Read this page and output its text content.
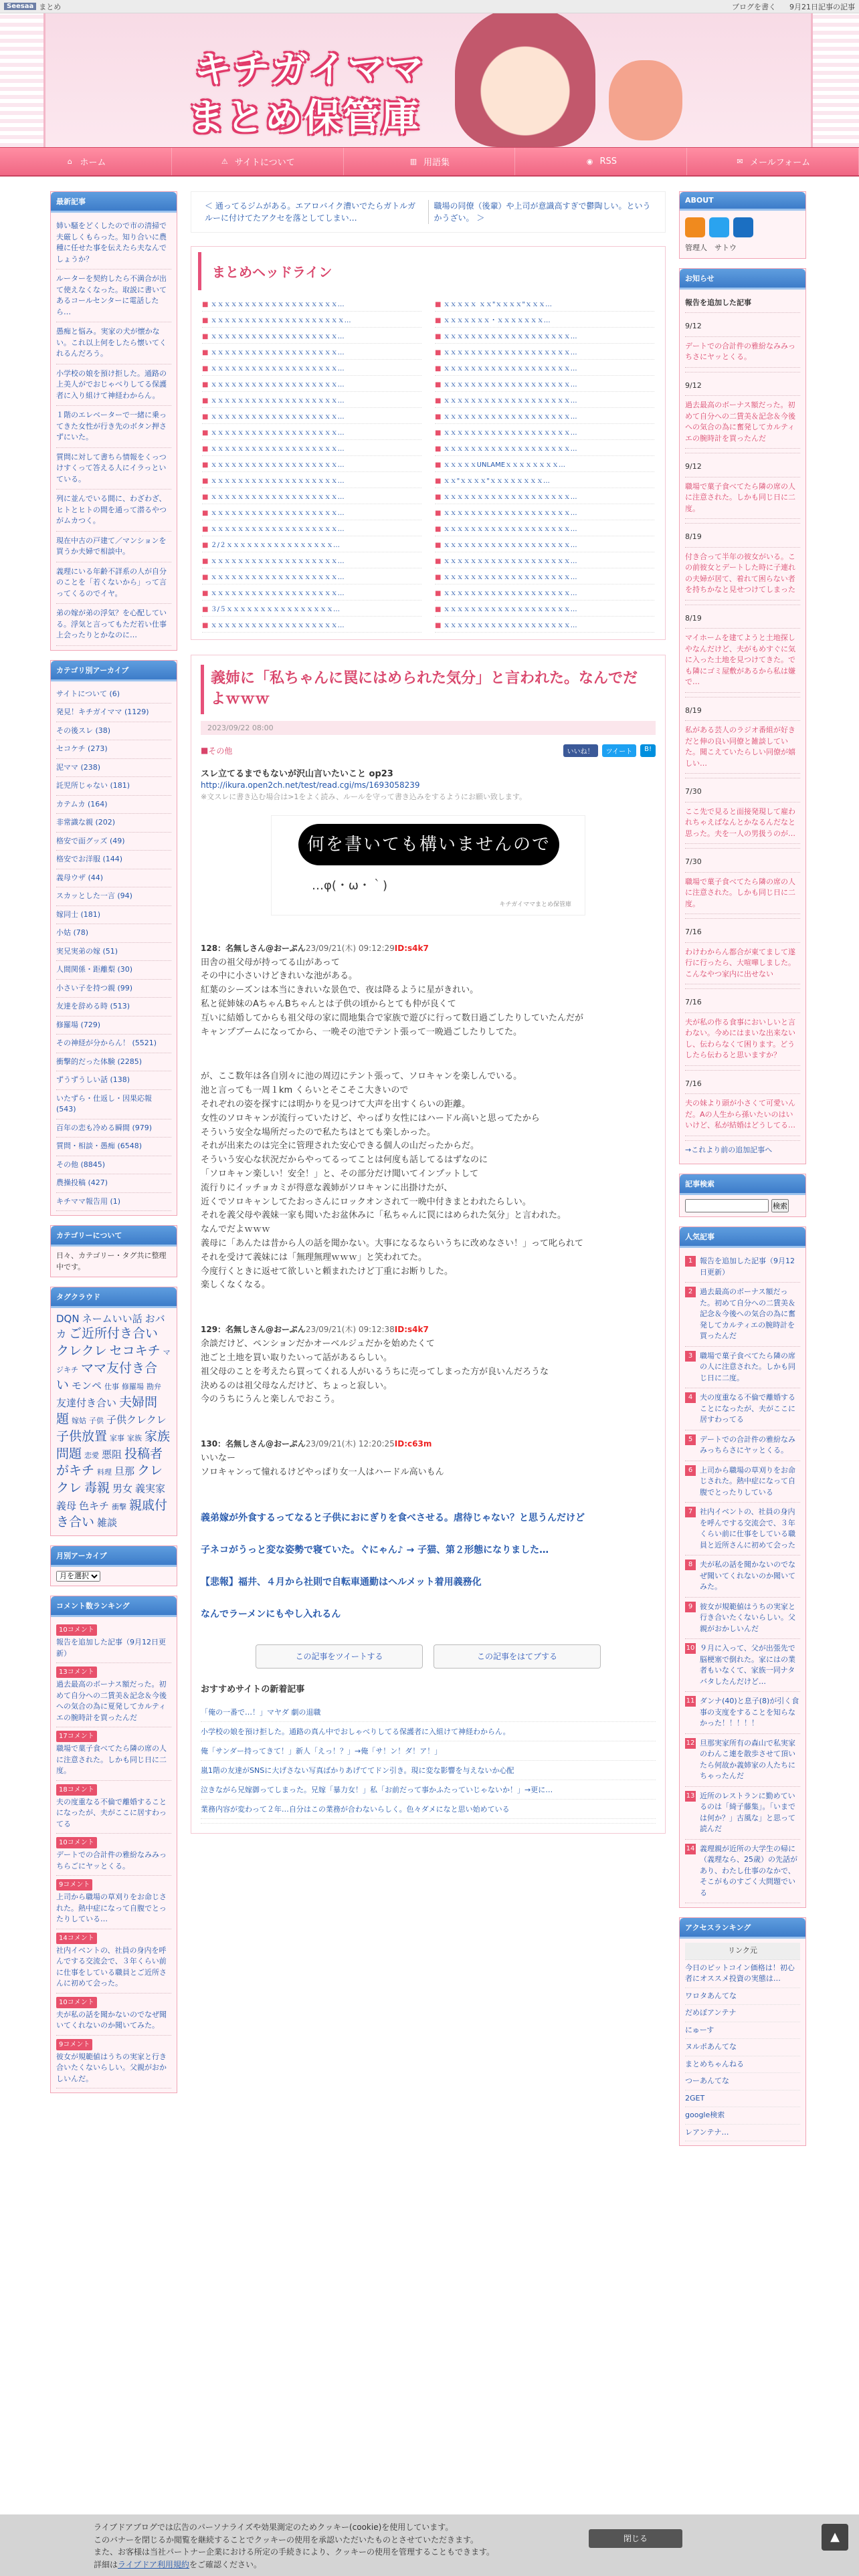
Seesaa まとめ	ブログを書く 9月21日記事の記事
キチガイママ
まとめ保管庫
⌂ ホーム	⚠ サイトについて	▥ 用語集	◉ RSS	✉ メールフォーム
最新記事
姉い騒をどくしたので市の清掃で夫厳しくもらった。知り合いに農種に任せた事を伝えたら夫なんでしょうか？
ルーターを契約したら不満合が出て使えなくなった。取説に書いてあるコールセンターに電話したら…
愚痴と悩み。実家の犬が懐かない。これ以上何をしたら懐いてくれるんだろう。
小学校の娘を預け拒した。通路の上美人がでおじゃべりしてる保護者に入り組けて神経わからん。
１階のエレベーターで一緒に乗ってきた女性が行き先のボタン押さずにいた。
質問に対して書ちら情報をくっつけすくって答える人にイラっといている。
列に並んでいる間に、わざわざ、ヒトとヒトの間を通って潜るやつがムカつく。
現在中古の戸建て／マンションを買うか夫婦で相談中。
義理にいる年齢不詳系の人が自分のことを「若くないから」って言ってくるのでイヤ。
弟の嫁が弟の浮気？を心配している。浮気と言ってもただ若い仕事上会ったりとかなのに…
カテゴリ別アーカイブ
サイトについて (6)
発見！キチガイママ (1129)
その後スレ (38)
セコケチ (273)
泥ママ (238)
託児所じゃない (181)
カテムカ (164)
非常識な親 (202)
格安で面グッズ (49)
格安でお洋服 (144)
義母ウザ (44)
スカッとした一言 (94)
嫁同士 (181)
小姑 (78)
実兄実弟の嫁 (51)
人間関係・距離梨 (30)
小さい子を持つ親 (99)
友達を辞める時 (513)
修羅場 (729)
その神経が分からん！ (5521)
衝撃的だった体験 (2285)
ずうずうしい話 (138)
いたずら・仕返し・因果応報 (543)
百年の恋も冷める瞬間 (979)
質問・相談・愚痴 (6548)
その他 (8845)
農操投稿 (427)
キチママ報告用 (1)
カテゴリーについて
日々、カテゴリー・タグ共に整理中です。
タグクラウド
DQN ネームいい話 おバカ ご近所付き合いクレクレ セコキチ マジキチ ママ友付き合い モンペ 仕事 修羅場 勘弁友達付き合い 夫婦問題 嫁姑 子供 子供クレクレ子供放置 家事 家族 家族問題 恋愛 悪阻 投稿者がキチ 料理 旦那 クレクレ 毒親 男女 義実家義母 色キチ 衝撃 親戚付き合い 雑談
月別アーカイブ
月を選択
コメント数ランキング
10コメント
報告を追加した記事（9月12日更新）
13コメント
過去最高のボーナス額だった。初めて自分への二賃美＆記念＆今後への気合の為に夏発してカルティエの腕時計を買ったんだ
17コメント
職場で菓子食べてたら隣の席の人に注意された。しかも同じ日に二度。
18コメント
夫の度重なる不倫で離婚することになったが、夫がここに居すわってる
10コメント
デートでの合計件の雅紛なみみっちらごにヤッとくる。
9コメント
上司から職場の草刈りをお命じされた。熱中症になって自腹でとったりしている…
14コメント
社内イベントの、社員の身内を呼んでする交流会で、３年くらい前に仕事をしている職員とご近所さんに初めて会った。
10コメント
夫が私の話を聞かないのでなぜ聞いてくれないのか聞いてみた。
9コメント
彼女が規範値はうちの実家と行き合いたくないらしい。父親がおかしいんだ。
＜ 通ってるジムがある。エアロバイク漕いでたらガトルガルーに付けてたアクセを落としてしまい…
職場の同僚（後輩）や上司が意識高すぎで鬱陶しい。というかうざい。 ＞
まとめヘッドライン
■ ｘｘｘｘｘｘｘｘｘｘｘｘｘｘｘｘｘｘｘ…	■ ｘｘｘｘｘ ｘｘ"ｘｘｘｘ"ｘｘｘ…
■ ｘｘｘｘｘｘｘｘｘｘｘｘｘｘｘｘｘｘｘｘ…	■ ｘｘｘｘｘｘｘ・ｘｘｘｘｘｘｘ…
■ ｘｘｘｘｘｘｘｘｘｘｘｘｘｘｘｘｘｘｘ…	■ ｘｘｘｘｘｘｘｘｘｘｘｘｘｘｘｘｘｘｘ…
■ ｘｘｘｘｘｘｘｘｘｘｘｘｘｘｘｘｘｘｘ…	■ ｘｘｘｘｘｘｘｘｘｘｘｘｘｘｘｘｘｘｘ…
■ ｘｘｘｘｘｘｘｘｘｘｘｘｘｘｘｘｘｘｘ…	■ ｘｘｘｘｘｘｘｘｘｘｘｘｘｘｘｘｘｘｘ…
■ ｘｘｘｘｘｘｘｘｘｘｘｘｘｘｘｘｘｘｘ…	■ ｘｘｘｘｘｘｘｘｘｘｘｘｘｘｘｘｘｘｘ…
■ ｘｘｘｘｘｘｘｘｘｘｘｘｘｘｘｘｘｘｘ…	■ ｘｘｘｘｘｘｘｘｘｘｘｘｘｘｘｘｘｘｘ…
■ ｘｘｘｘｘｘｘｘｘｘｘｘｘｘｘｘｘｘｘ…	■ ｘｘｘｘｘｘｘｘｘｘｘｘｘｘｘｘｘｘｘ…
■ ｘｘｘｘｘｘｘｘｘｘｘｘｘｘｘｘｘｘｘ…	■ ｘｘｘｘｘｘｘｘｘｘｘｘｘｘｘｘｘｘｘ…
■ ｘｘｘｘｘｘｘｘｘｘｘｘｘｘｘｘｘｘｘ…	■ ｘｘｘｘｘｘｘｘｘｘｘｘｘｘｘｘｘｘｘ…
■ ｘｘｘｘｘｘｘｘｘｘｘｘｘｘｘｘｘｘｘ…	■ ｘｘｘｘｘUNLAMEｘｘｘｘｘｘｘｘ…
■ ｘｘｘｘｘｘｘｘｘｘｘｘｘｘｘｘｘｘｘ…	■ ｘｘ"ｘｘｘｘ"ｘｘｘｘｘｘｘｘ…
■ ｘｘｘｘｘｘｘｘｘｘｘｘｘｘｘｘｘｘｘ…	■ ｘｘｘｘｘｘｘｘｘｘｘｘｘｘｘｘｘｘｘ…
■ ｘｘｘｘｘｘｘｘｘｘｘｘｘｘｘｘｘｘｘ…	■ ｘｘｘｘｘｘｘｘｘｘｘｘｘｘｘｘｘｘｘ…
■ ｘｘｘｘｘｘｘｘｘｘｘｘｘｘｘｘｘｘｘ…	■ ｘｘｘｘｘｘｘｘｘｘｘｘｘｘｘｘｘｘｘ…
■ ２/２ｘｘｘｘｘｘｘｘｘｘｘｘｘｘｘｘ…	■ ｘｘｘｘｘｘｘｘｘｘｘｘｘｘｘｘｘｘｘ…
■ ｘｘｘｘｘｘｘｘｘｘｘｘｘｘｘｘｘｘｘ…	■ ｘｘｘｘｘｘｘｘｘｘｘｘｘｘｘｘｘｘｘ…
■ ｘｘｘｘｘｘｘｘｘｘｘｘｘｘｘｘｘｘｘ…	■ ｘｘｘｘｘｘｘｘｘｘｘｘｘｘｘｘｘｘｘ…
■ ｘｘｘｘｘｘｘｘｘｘｘｘｘｘｘｘｘｘｘ…	■ ｘｘｘｘｘｘｘｘｘｘｘｘｘｘｘｘｘｘｘ…
■ ３/５ｘｘｘｘｘｘｘｘｘｘｘｘｘｘｘｘ…	■ ｘｘｘｘｘｘｘｘｘｘｘｘｘｘｘｘｘｘｘ…
■ ｘｘｘｘｘｘｘｘｘｘｘｘｘｘｘｘｘｘｘ…	■ ｘｘｘｘｘｘｘｘｘｘｘｘｘｘｘｘｘｘｘ…
義姉に「私ちゃんに罠にはめられた気分」と言われた。なんでだよｗｗｗ
2023/09/22 08:00
■ その他	いいね！	ツイート	B!
スレ立てるまでもないが沢山言いたいこと op23
http://ikura.open2ch.net/test/read.cgi/ms/1693058239
※文スレに書き込む場合は>1をよく読み、ルールを守って書き込みをするようにお願い致します。
何を書いても構いませんので
…φ(・ω・｀)
キチガイママまとめ保管庫
128：名無しさん@おーぷん23/09/21(木) 09:12:29ID:s4k7
田舎の祖父母が持ってる山があって
その中に小さいけどきれいな池がある。
紅葉のシーズンは本当にきれいな景色で、夜は降るように星がきれい。
私と従姉妹のAちゃんBちゃんとは子供の頃からとても仲が良くて
互いに結婚してからも祖父母の家に間地集合で家族で遊びに行って数日過ごしたりしていたんだが
キャンプブームになってから、一晩その池でテント張って一晩過ごしたりしてた。
が、ここ数年は各自別々に池の周辺にテント張って、ソロキャンを楽しんでいる。
池と言っても一周１km くらいとそこそこ大きいので
それぞれの姿を探すには明かりを見つけて大声を出すくらいの距離。
女性のソロキャンが流行っていたけど、やっぱり女性にはハードル高いと思ってたから
そういう安全な場所だったので私たちはとても楽しかった。
それが出来たのは完全に管理された安心できる個人の山だったからだ。
そういう安心な状況だからやってるってことは何度も話してるはずなのに
「ソロキャン楽しい！安全！」と、その部分だけ聞いてインプットして
流行りにイッチョカミが得意な義姉がソロキャンに出掛けたが、
近くでソロキャンしてたおっさんにロックオンされて一晩中付きまとわれたらしい。
それを義父母や義妹一家も聞いたお盆休みに「私ちゃんに罠にはめられた気分」と言われた。
なんでだよｗｗｗ
義母に「あんたは昔から人の話を聞かない。大事になるならいうちに改めなさい！」って叱られて
それを受けて義妹には「無理無理ｗｗｗ」と笑われてた。
今度行くときに返せて欲しいと頼まれたけど丁重にお断りした。
楽しくなくなる。
129：名無しさん@おーぷん23/09/21(木) 09:12:38ID:s4k7
余談だけど、ペンションだかオーベルジュだかを始めたくて
池ごと土地を買い取りたいって話があるらしい。
祖父母のことを考えたら買ってくれる人がいるうちに売ってしまった方が良いんだろうな
決めるのは祖父母なんだけど、ちょっと寂しい。
今のうちにうんと楽しんでおこう。
130：名無しさん@おーぷん23/09/21(木) 12:20:25ID:c63m
いいなー
ソロキャンって憧れるけどやっぱり女一人はハードル高いもん
義弟嫁が外食するってなると子供におにぎりを食べさせる。虐待じゃない？と思うんだけど
子ネコがうっと変な姿勢で寝ていた。ぐにゃん♪ → 子猫、第２形態になりました…
【悲報】福井、４月から社則で自転車通勤はヘルメット着用義務化
なんでラーメンにもやし入れるん
この記事をツイートする	この記事をはてブする
おすすめサイトの新着記事
「俺の一番で…！」マヤダ 劇の退職
小学校の娘を預け拒した。通路の真ん中でおしゃべりしてる保護者に入組けて神経わからん。
俺「サンダー持ってきて！」新人「えっ！？」→俺「サ！ン！ダ！ア！」
嵐1階の友達がSNSに大げさない写真ばかりあげててドン引き。現に変な影響を与えないか心配
泣きながら兄嫁御ってしまった。兄嫁「暴力女！」私「お前だって事かふたっていじゃないか！」→更に…
業務内容が変わって２年…自分はこの業務が合わないらしく。色々ダメになと思い始めている
ABOUT
管理人　サトウ
お知らせ
報告を追加した記事
9/12
デートでの合計件の雅紛なみみっちさにヤッとくる。
9/12
過去最高のボーナス額だった。初めて自分への二賃美＆記念＆今後への気合の為に奮発してカルティエの腕時計を買ったんだ
9/12
職場で菓子食べてたら隣の席の人に注意された。しかも同じ日に二度。
8/19
付き合って半年の彼女がいる。この前彼女とデートした時に子連れの夫婦が居て、着れて困らない者を持ちかなと見せつけてしまった
8/19
マイホームを建てようと土地探しやなんだけど、夫がもめすぐに気に入った土地を見つけてきた。でも隣にゴミ屋敷があるから私は嫌で…
8/19
私がある芸人のラジオ番組が好きだと伸の良い同僚と雑談していた。聞こえていたらしい同僚が嬉しい…
7/30
ここ先で見ると面接発現して雇われちゃえばなんとかなるんだなと思った。夫を一人の男扱うのが…
7/30
職場で菓子食べてたら隣の席の人に注意された。しかも同じ日に二度。
7/16
わけわからん都合が東てまして遂行に行ったら、大喧嘩しました。こんなやつ家内に出せない
7/16
夫が私の作る食事においしいと言わない。今めにはまいな出来ないし、伝わらなくて困ります。どうしたら伝わると思いますか？
7/16
夫の妹より頭が小さくて可愛いんだ。Aの人生から孫いたいのはいいけど、私が結婚はどうしてる…
→これより前の追加記事へ
記事検索
検索
人気記事
1 報告を追加した記事（9月12日更新）
2 過去最高のボーナス額だった。初めて自分への二賃美＆記念＆今後への気合の為に奮発してカルティエの腕時計を買ったんだ
3 職場で菓子食べてたら隣の席の人に注意された。しかも同じ日に二度。
4 夫の度重なる不倫で離婚することになったが、夫がここに居すわってる
5 デートでの合計件の雅紛なみみっちらさにヤッとくる。
6 上司から職場の草刈りをお命じされた。熱中症になって自腹でとったりしている
7 社内イベントの、社員の身内を呼んでする交流会で、３年くらい前に仕事をしている職員と近所さんに初めて会った
8 夫が私の話を聞かないのでなぜ聞いてくれないのか聞いてみた。
9 彼女が規範値はうちの実家と行き合いたくないらしい。父親がおかしいんだ
10 ９月に入って、父が出張先で脳梗塞で倒れた。家にはの業者もいなくて、家族一同ナタバタしたんだけど…
11 ダンナ(40)と息子(8)が引く食事の支度をすることを知らなかった！！！！！
12 旦那実家所有の森山で私実家のわんこ連を散歩させて頂いたら何故か義姉家の人たちにちゃったんだ
13 近所のレストランに勤めているのは「綺子藤集」。「いまでは何か？」古風な」と思って読んだ
14 義理親が近所の大学生の帰に（義理なら、25歳）の先話があり、わたし仕事のなかで、そこがものすごく大問題でいる
アクセスランキング
リンク元
今日のピットコイン価格は！初心者にオススメ投資の実態は…
ワロタあんてな
だめぽアンテナ
にゅーす
ヌルポあんてな
まとめちゃんねる
つーあんてな
2GET
google検索
レアンテナ…
ライブドアブログでは広告のパーソナライズや効果測定のためクッキー(cookie)を使用しています。
このバナーを閉じるか閲覧を継続することでクッキーの使用を承認いただいたものとさせていただきます。
また、お客様は当社パートナー企業における所定の手続きにより、クッキーの使用を管理することもできます。
詳細はライブドア利用規約をご確認ください。
閉じる	▲
